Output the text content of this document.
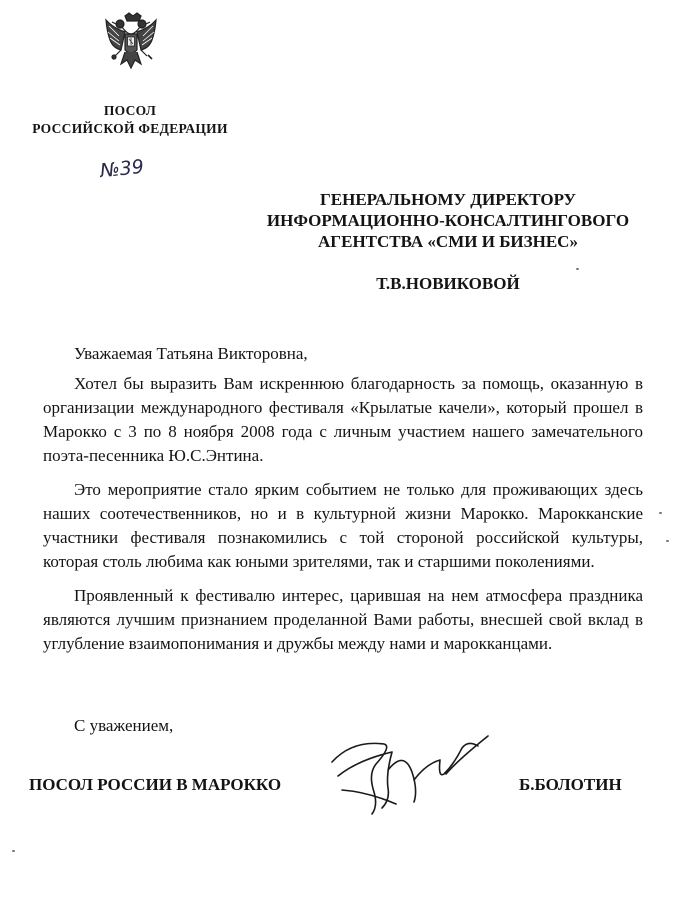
ПОСОЛ
РОССИЙСКОЙ ФЕДЕРАЦИИ
№39
ГЕНЕРАЛЬНОМУ ДИРЕКТОРУ
ИНФОРМАЦИОННО-КОНСАЛТИНГОВОГО
АГЕНТСТВА «СМИ И БИЗНЕС»
Т.В.НОВИКОВОЙ
Уважаемая Татьяна Викторовна,
Хотел бы выразить Вам искреннюю благодарность за помощь, оказанную в организации международного фестиваля «Крылатые качели», который прошел в Марокко с 3 по 8 ноября 2008 года с личным участием нашего замечательного поэта-песенника Ю.С.Энтина.
Это мероприятие стало ярким событием не только для проживающих здесь наших соотечественников, но и в культурной жизни Марокко. Марокканские участники фестиваля познакомились с той стороной российской культуры, которая столь любима как юными зрителями, так и старшими поколениями.
Проявленный к фестивалю интерес, царившая на нем атмосфера праздника являются лучшим признанием проделанной Вами работы, внесшей свой вклад в углубление взаимопонимания и дружбы между нами и марокканцами.
С уважением,
ПОСОЛ РОССИИ В МАРОККО	Б.БОЛОТИН
